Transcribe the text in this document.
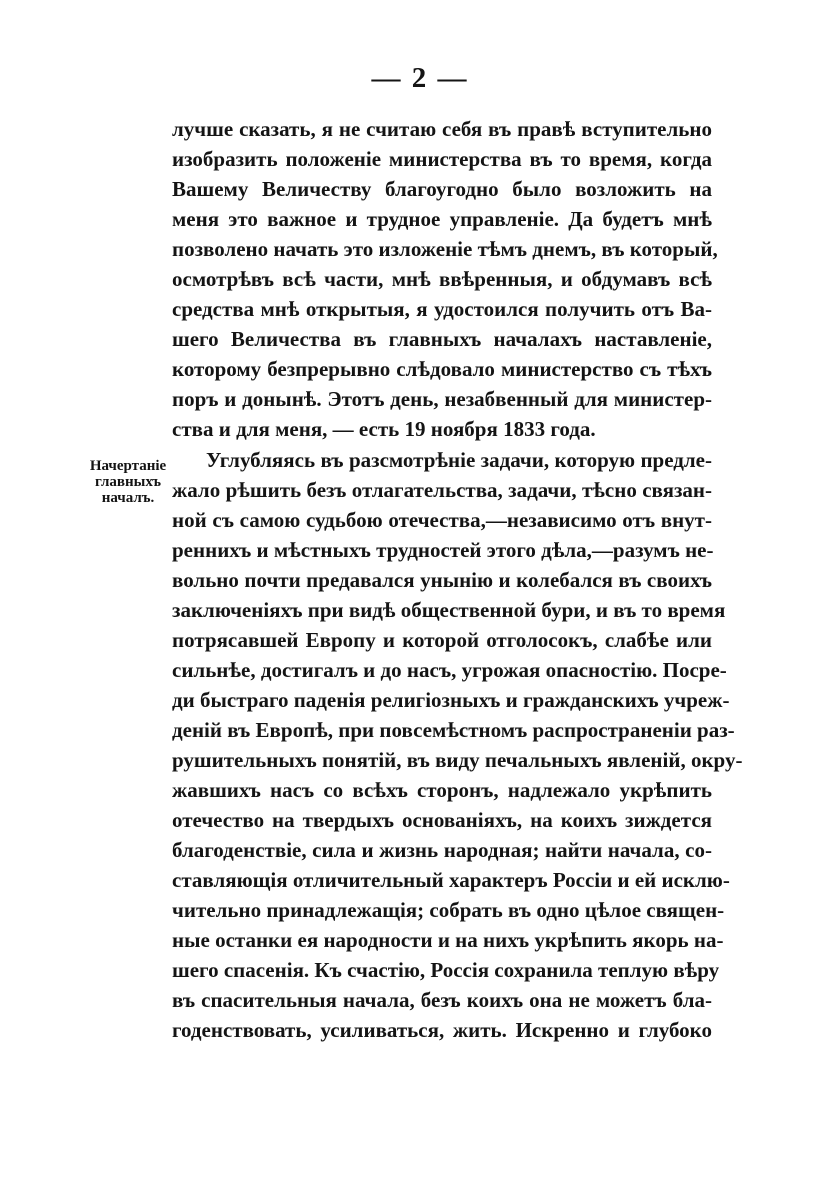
— 2 —
Начертаніе
главныхъ
началъ.
лучше сказать, я не считаю себя въ правѣ вступительно
изобразить положеніе министерства въ то время, когда
Вашему Величеству благоугодно было возложить на
меня это важное и трудное управленіе. Да будетъ мнѣ
позволено начать это изложеніе тѣмъ днемъ, въ который,
осмотрѣвъ всѣ части, мнѣ ввѣренныя, и обдумавъ всѣ
средства мнѣ открытыя, я удостоился получить отъ Ва-
шего Величества въ главныхъ началахъ наставленіе,
которому безпрерывно слѣдовало министерство съ тѣхъ
поръ и донынѣ. Этотъ день, незабвенный для министер-
ства и для меня, — есть 19 ноября 1833 года.
Углубляясь въ разсмотрѣніе задачи, которую предле-
жало рѣшить безъ отлагательства, задачи, тѣсно связан-
ной съ самою судьбою отечества,—независимо отъ внут-
реннихъ и мѣстныхъ трудностей этого дѣла,—разумъ не-
вольно почти предавался унынію и колебался въ своихъ
заключеніяхъ при видѣ общественной бури, и въ то время
потрясавшей Европу и которой отголосокъ, слабѣе или
сильнѣе, достигалъ и до насъ, угрожая опасностію. Посре-
ди быстраго паденія религіозныхъ и гражданскихъ учреж-
деній въ Европѣ, при повсемѣстномъ распространеніи раз-
рушительныхъ понятій, въ виду печальныхъ явленій, окру-
жавшихъ насъ со всѣхъ сторонъ, надлежало укрѣпить
отечество на твердыхъ основаніяхъ, на коихъ зиждется
благоденствіе, сила и жизнь народная; найти начала, со-
ставляющія отличительный характеръ Россіи и ей исклю-
чительно принадлежащія; собрать въ одно цѣлое священ-
ные останки ея народности и на нихъ укрѣпить якорь на-
шего спасенія. Къ счастію, Россія сохранила теплую вѣру
въ спасительныя начала, безъ коихъ она не можетъ бла-
годенствовать, усиливаться, жить. Искренно и глубоко
